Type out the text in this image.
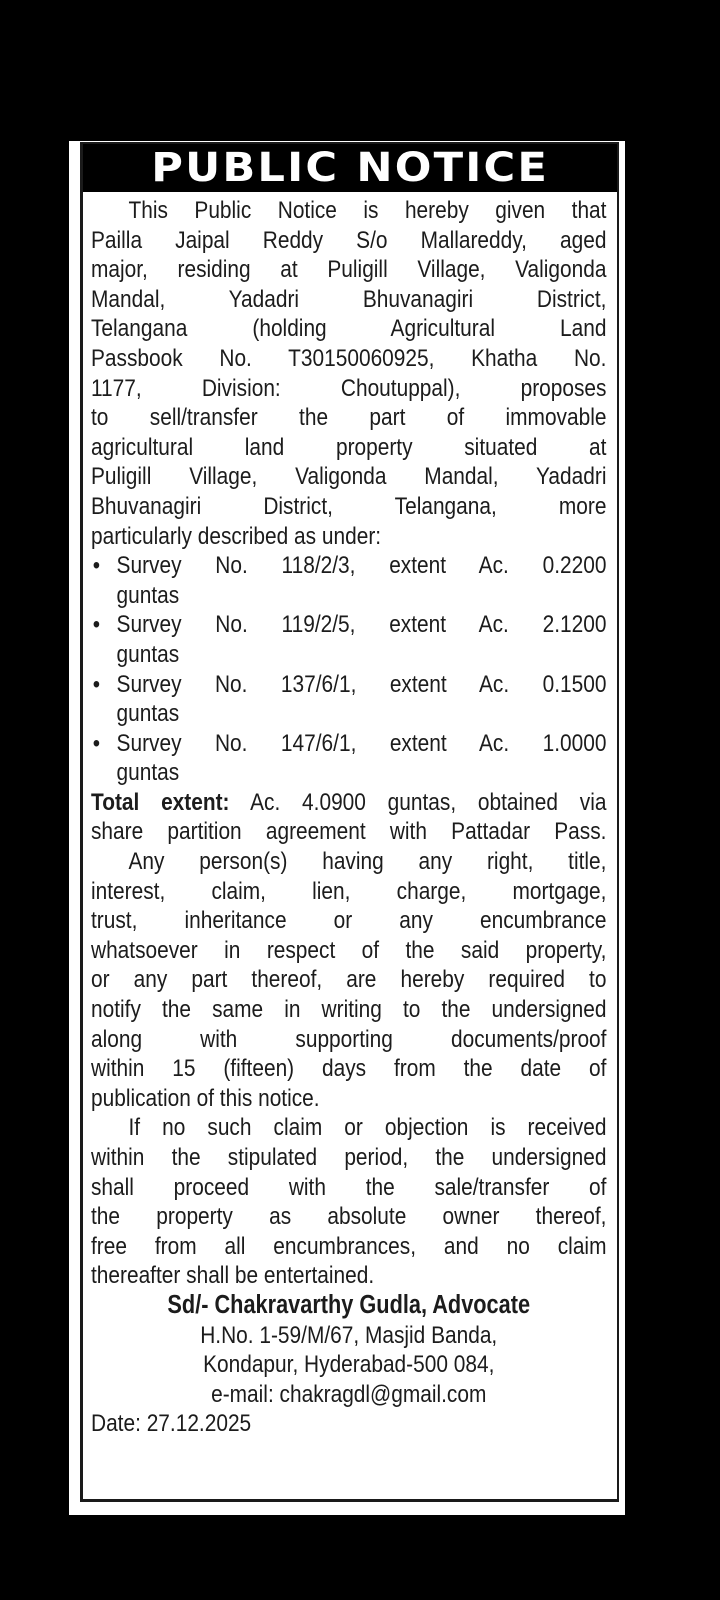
PUBLIC NOTICE
This Public Notice is hereby given that
Pailla Jaipal Reddy S/o Mallareddy, aged
major, residing at Puligill Village, Valigonda
Mandal, Yadadri Bhuvanagiri District,
Telangana (holding Agricultural Land
Passbook No. T30150060925, Khatha No.
1177, Division: Choutuppal), proposes
to sell/transfer the part of immovable
agricultural land property situated at
Puligill Village, Valigonda Mandal, Yadadri
Bhuvanagiri District, Telangana, more
particularly described as under:
• Survey No. 118/2/3, extent Ac. 0.2200
guntas
• Survey No. 119/2/5, extent Ac. 2.1200
guntas
• Survey No. 137/6/1, extent Ac. 0.1500
guntas
• Survey No. 147/6/1, extent Ac. 1.0000
guntas
Total extent: Ac. 4.0900 guntas, obtained via
share partition agreement with Pattadar Pass.
Any person(s) having any right, title,
interest, claim, lien, charge, mortgage,
trust, inheritance or any encumbrance
whatsoever in respect of the said property,
or any part thereof, are hereby required to
notify the same in writing to the undersigned
along with supporting documents/proof
within 15 (fifteen) days from the date of
publication of this notice.
If no such claim or objection is received
within the stipulated period, the undersigned
shall proceed with the sale/transfer of
the property as absolute owner thereof,
free from all encumbrances, and no claim
thereafter shall be entertained.
Sd/- Chakravarthy Gudla, Advocate
H.No. 1-59/M/67, Masjid Banda,
Kondapur, Hyderabad-500 084,
e-mail: chakragdl@gmail.com
Date: 27.12.2025
